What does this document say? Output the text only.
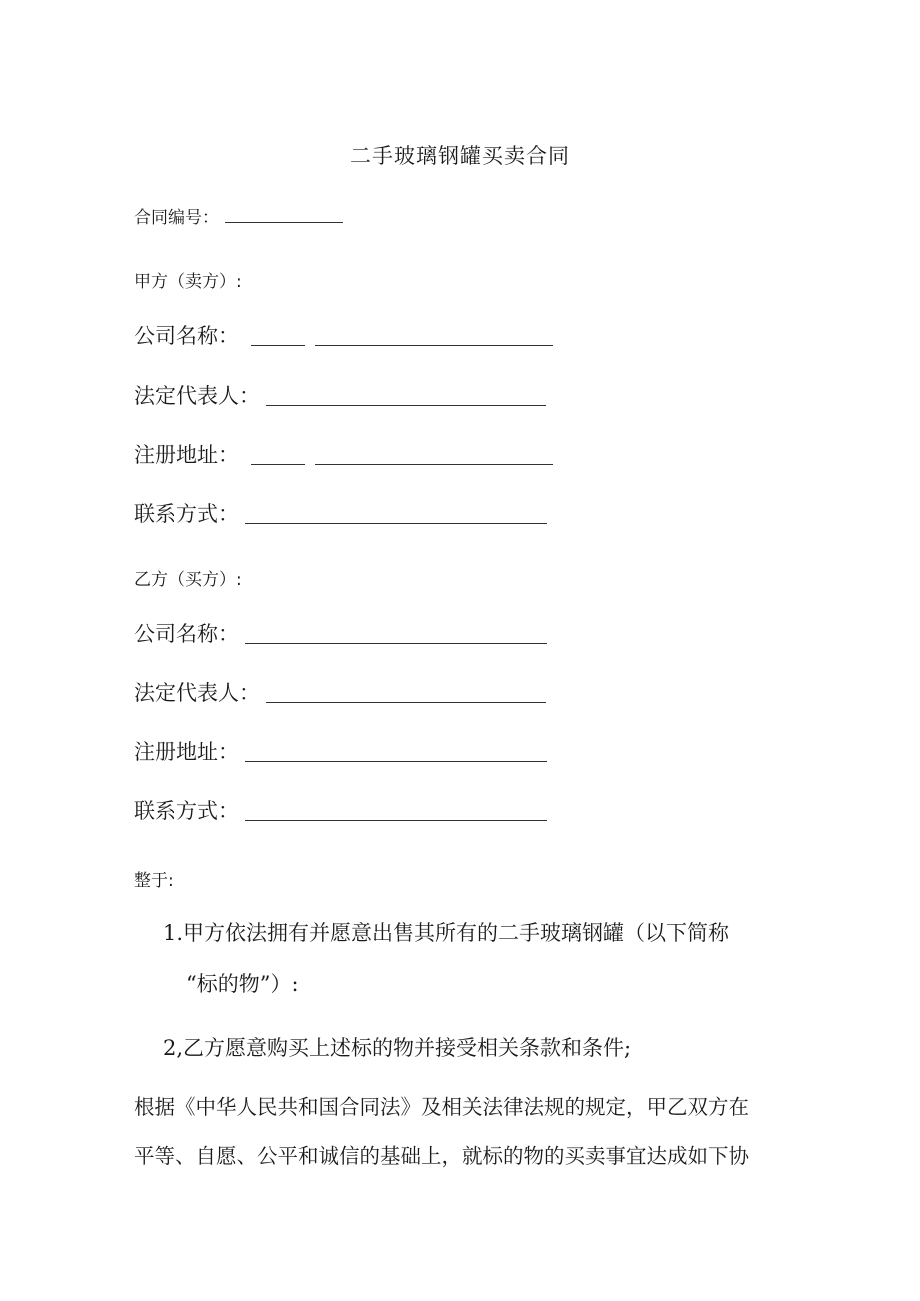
二手玻璃钢罐买卖合同
合同编号：
甲方（卖方）:
公司名称：
法定代表人：
注册地址：
联系方式：
乙方（买方）:
公司名称：
法定代表人：
注册地址：
联系方式：
整于:
1.甲方依法拥有并愿意出售其所有的二手玻璃钢罐（以下简称
“标的物”）:
2,乙方愿意购买上述标的物并接受相关条款和条件;
根据《中华人民共和国合同法》及相关法律法规的规定，甲乙双方在
平等、自愿、公平和诚信的基础上，就标的物的买卖事宜达成如下协
